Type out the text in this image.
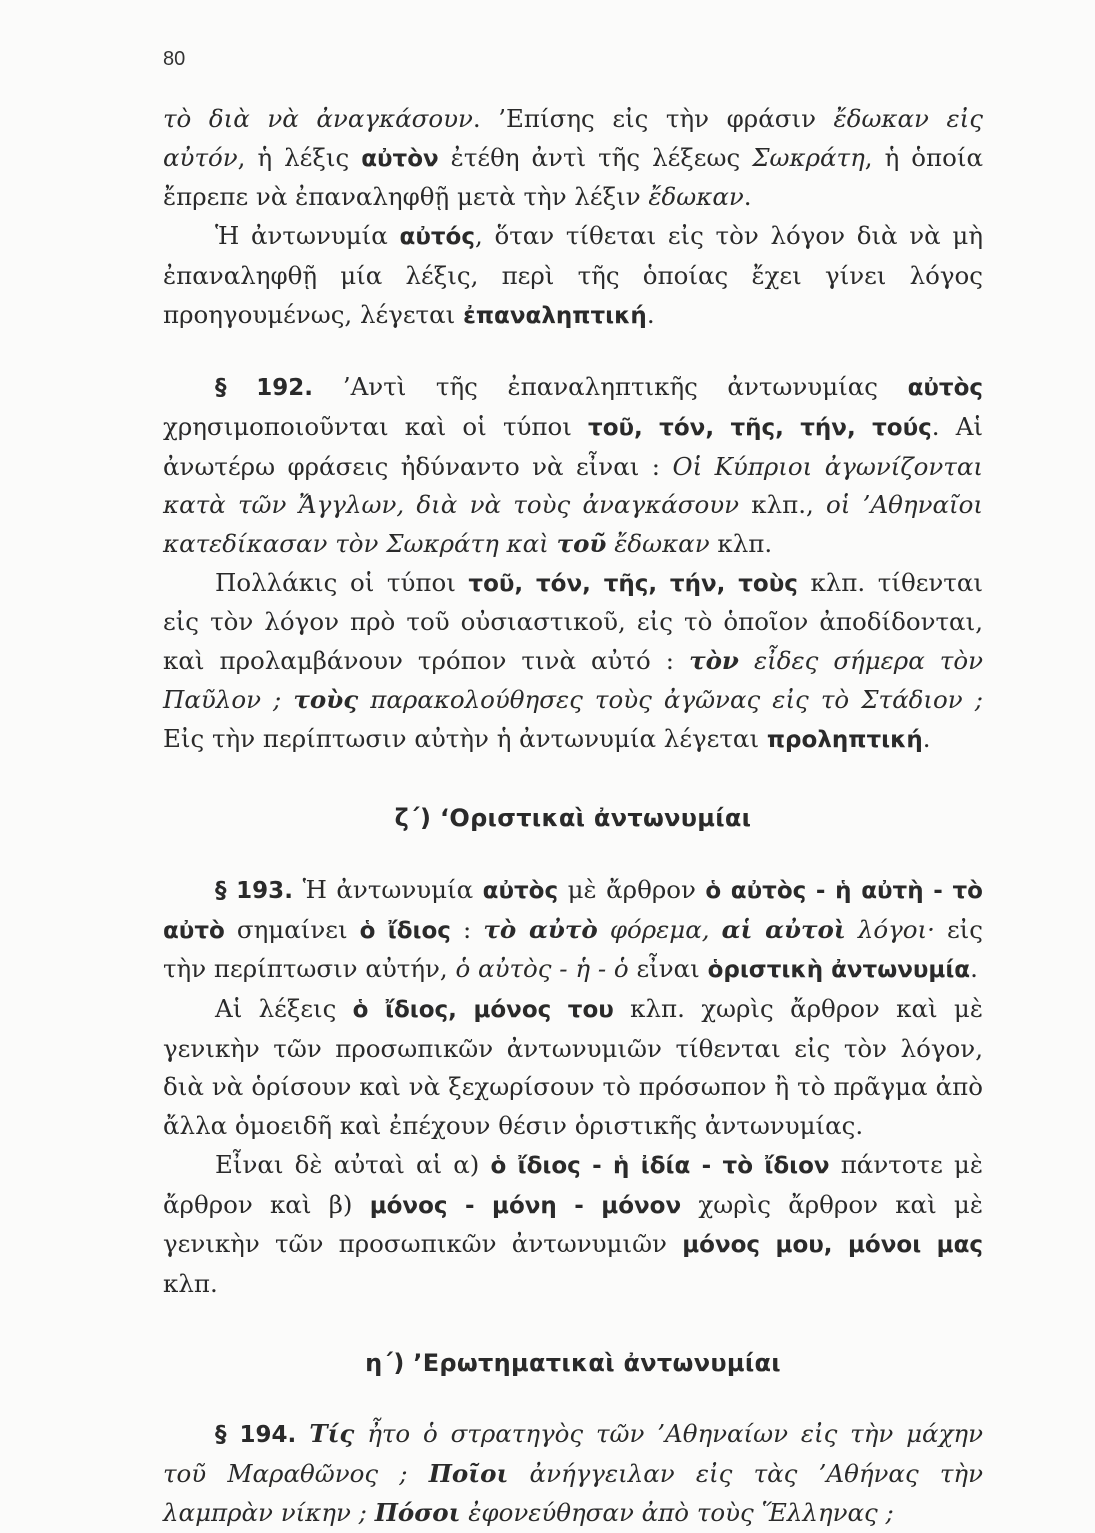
80

τὸ διὰ νὰ ἀναγκάσουν. ’Επίσης εἰς τὴν φράσιν ἔδωκαν εἰς αὐτόν, ἡ λέξις αὐτὸν ἐτέθη ἀντὶ τῆς λέξεως Σωκράτη, ἡ ὁποία ἔπρεπε νὰ ἐπαναληφθῇ μετὰ τὴν λέξιν ἔδωκαν.

Ἡ ἀντωνυμία αὐτός, ὅταν τίθεται εἰς τὸν λόγον διὰ νὰ μὴ ἐπαναληφθῇ μία λέξις, περὶ τῆς ὁποίας ἔχει γίνει λόγος προηγουμένως, λέγεται ἐπαναληπτική.

§ 192. ’Αντὶ τῆς ἐπαναληπτικῆς ἀντωνυμίας αὐτὸς χρησιμοποιοῦνται καὶ οἱ τύποι τοῦ, τόν, τῆς, τήν, τούς. Αἱ ἀνωτέρω φράσεις ἠδύναντο νὰ εἶναι : Οἱ Κύπριοι ἀγωνίζονται κατὰ τῶν Ἄγγλων, διὰ νὰ τοὺς ἀναγκάσουν κλπ., οἱ ’Αθηναῖοι κατεδίκασαν τὸν Σωκράτη καὶ τοῦ ἔδωκαν κλπ.

Πολλάκις οἱ τύποι τοῦ, τόν, τῆς, τήν, τοὺς κλπ. τίθενται εἰς τὸν λόγον πρὸ τοῦ οὐσιαστικοῦ, εἰς τὸ ὁποῖον ἀποδίδονται, καὶ προλαμβάνουν τρόπον τινὰ αὐτό : τὸν εἶδες σήμερα τὸν Παῦλον ; τοὺς παρακολούθησες τοὺς ἀγῶνας εἰς τὸ Στάδιον ; Εἰς τὴν περίπτωσιν αὐτὴν ἡ ἀντωνυμία λέγεται προληπτική.

ζ΄) ‘Οριστικαὶ ἀντωνυμίαι

§ 193. Ἡ ἀντωνυμία αὐτὸς μὲ ἄρθρον ὁ αὐτὸς - ἡ αὐτὴ - τὸ αὐτὸ σημαίνει ὁ ἴδιος : τὸ αὐτὸ φόρεμα, αἱ αὐτοὶ λόγοι· εἰς τὴν περίπτωσιν αὐτήν, ὁ αὐτὸς - ἡ - ὁ εἶναι ὁριστικὴ ἀντωνυμία.

Αἱ λέξεις ὁ ἴδιος, μόνος του κλπ. χωρὶς ἄρθρον καὶ μὲ γενικὴν τῶν προσωπικῶν ἀντωνυμιῶν τίθενται εἰς τὸν λόγον, διὰ νὰ ὁρίσουν καὶ νὰ ξεχωρίσουν τὸ πρόσωπον ἢ τὸ πρᾶγμα ἀπὸ ἄλλα ὁμοειδῆ καὶ ἐπέχουν θέσιν ὁριστικῆς ἀντωνυμίας.

Εἶναι δὲ αὐταὶ αἱ α) ὁ ἴδιος - ἡ ἰδία - τὸ ἴδιον πάντοτε μὲ ἄρθρον καὶ β) μόνος - μόνη - μόνον χωρὶς ἄρθρον καὶ μὲ γενικὴν τῶν προσωπικῶν ἀντωνυμιῶν μόνος μου, μόνοι μας κλπ.

η΄) ’Ερωτηματικαὶ ἀντωνυμίαι

§ 194. Τίς ἦτο ὁ στρατηγὸς τῶν ’Αθηναίων εἰς τὴν μάχην τοῦ Μαραθῶνος ; Ποῖοι ἀνήγγειλαν εἰς τὰς ’Αθήνας τὴν λαμπρὰν νίκην ; Πόσοι ἐφονεύθησαν ἀπὸ τοὺς Ἕλληνας ;
